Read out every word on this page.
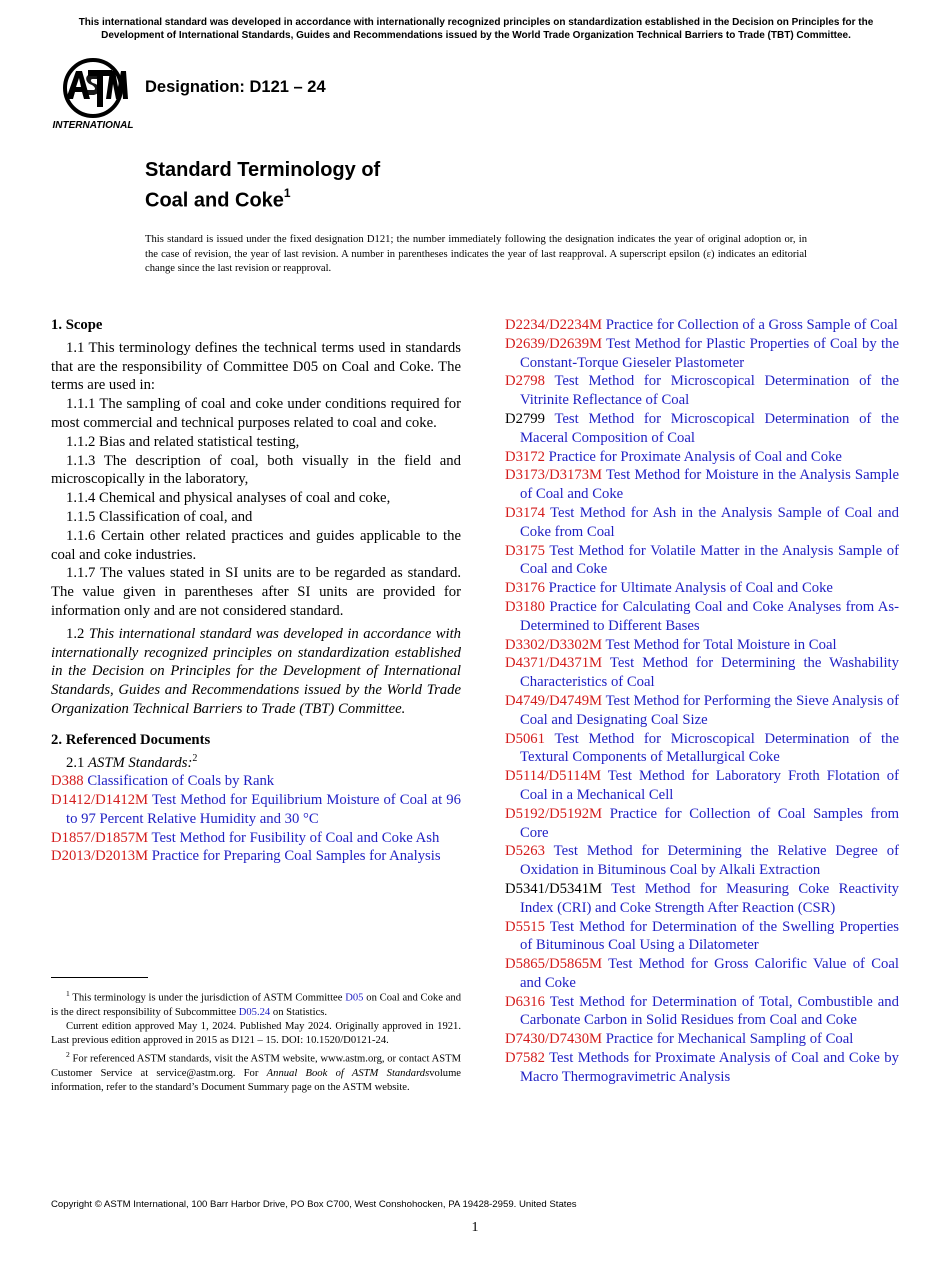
This international standard was developed in accordance with internationally recognized principles on standardization established in the Decision on Principles for the Development of International Standards, Guides and Recommendations issued by the World Trade Organization Technical Barriers to Trade (TBT) Committee.
INTERNATIONAL
Designation: D121 – 24
Standard Terminology of
Coal and Coke$^1$
This standard is issued under the fixed designation D121; the number immediately following the designation indicates the year of original adoption or, in the case of revision, the year of last revision. A number in parentheses indicates the year of last reapproval. A superscript epsilon (ε) indicates an editorial change since the last revision or reapproval.
1. Scope

1.1 This terminology defines the technical terms used in standards that are the responsibility of Committee D05 on Coal and Coke. The terms are used in:

1.1.1 The sampling of coal and coke under conditions required for most commercial and technical purposes related to coal and coke.

1.1.2 Bias and related statistical testing,

1.1.3 The description of coal, both visually in the field and microscopically in the laboratory,

1.1.4 Chemical and physical analyses of coal and coke,

1.1.5 Classification of coal, and

1.1.6 Certain other related practices and guides applicable to the coal and coke industries.

1.1.7 The values stated in SI units are to be regarded as standard. The value given in parentheses after SI units are provided for information only and are not considered standard.

1.2 This international standard was developed in accordance with internationally recognized principles on standardization established in the Decision on Principles for the Development of International Standards, Guides and Recommendations issued by the World Trade Organization Technical Barriers to Trade (TBT) Committee.

2. Referenced Documents

2.1 ASTM Standards:$^2$

D388 Classification of Coals by Rank

D1412/D1412M Test Method for Equilibrium Moisture of Coal at 96 to 97 Percent Relative Humidity and 30 °C

D1857/D1857M Test Method for Fusibility of Coal and Coke Ash

D2013/D2013M Practice for Preparing Coal Samples for Analysis

D2234/D2234M Practice for Collection of a Gross Sample of Coal

D2639/D2639M Test Method for Plastic Properties of Coal by the Constant-Torque Gieseler Plastometer

D2798 Test Method for Microscopical Determination of the Vitrinite Reflectance of Coal

D2799 Test Method for Microscopical Determination of the Maceral Composition of Coal

D3172 Practice for Proximate Analysis of Coal and Coke

D3173/D3173M Test Method for Moisture in the Analysis Sample of Coal and Coke

D3174 Test Method for Ash in the Analysis Sample of Coal and Coke from Coal

D3175 Test Method for Volatile Matter in the Analysis Sample of Coal and Coke

D3176 Practice for Ultimate Analysis of Coal and Coke

D3180 Practice for Calculating Coal and Coke Analyses from As-Determined to Different Bases

D3302/D3302M Test Method for Total Moisture in Coal

D4371/D4371M Test Method for Determining the Washability Characteristics of Coal

D4749/D4749M Test Method for Performing the Sieve Analysis of Coal and Designating Coal Size

D5061 Test Method for Microscopical Determination of the Textural Components of Metallurgical Coke

D5114/D5114M Test Method for Laboratory Froth Flotation of Coal in a Mechanical Cell

D5192/D5192M Practice for Collection of Coal Samples from Core

D5263 Test Method for Determining the Relative Degree of Oxidation in Bituminous Coal by Alkali Extraction

D5341/D5341M Test Method for Measuring Coke Reactivity Index (CRI) and Coke Strength After Reaction (CSR)

D5515 Test Method for Determination of the Swelling Properties of Bituminous Coal Using a Dilatometer

D5865/D5865M Test Method for Gross Calorific Value of Coal and Coke

D6316 Test Method for Determination of Total, Combustible and Carbonate Carbon in Solid Residues from Coal and Coke

D7430/D7430M Practice for Mechanical Sampling of Coal

D7582 Test Methods for Proximate Analysis of Coal and Coke by Macro Thermogravimetric Analysis

$^1$ This terminology is under the jurisdiction of ASTM Committee D05 on Coal and Coke and is the direct responsibility of Subcommittee D05.24 on Statistics.

Current edition approved May 1, 2024. Published May 2024. Originally approved in 1921. Last previous edition approved in 2015 as D121 – 15. DOI: 10.1520/D0121-24.

$^2$ For referenced ASTM standards, visit the ASTM website, www.astm.org, or contact ASTM Customer Service at service@astm.org. For Annual Book of ASTM Standardsvolume information, refer to the standard’s Document Summary page on the ASTM website.

Copyright © ASTM International, 100 Barr Harbor Drive, PO Box C700, West Conshohocken, PA 19428-2959. United States
1
